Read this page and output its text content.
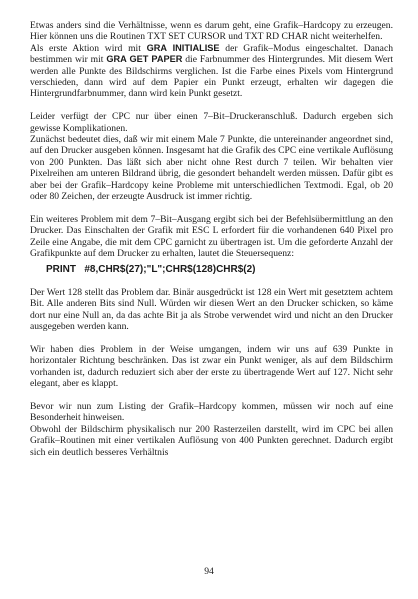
Etwas anders sind die Verhältnisse, wenn es darum geht, eine Grafik–Hardcopy zu erzeugen. Hier können uns die Routinen TXT SET CURSOR und TXT RD CHAR nicht weiterhelfen.

Als erste Aktion wird mit GRA INITIALISE der Grafik–Modus eingeschaltet. Danach bestimmen wir mit GRA GET PAPER die Farbnummer des Hintergrundes. Mit diesem Wert werden alle Punkte des Bildschirms verglichen. Ist die Farbe eines Pixels vom Hintergrund verschieden, dann wird auf dem Papier ein Punkt erzeugt, erhalten wir dagegen die Hintergrundfarbnummer, dann wird kein Punkt gesetzt.

Leider verfügt der CPC nur über einen 7–Bit–Druckeranschluß. Dadurch ergeben sich gewisse Komplikationen.

Zunächst bedeutet dies, daß wir mit einem Male 7 Punkte, die untereinander angeordnet sind, auf den Drucker ausgeben können. Insgesamt hat die Grafik des CPC eine vertikale Auflösung von 200 Punkten. Das läßt sich aber nicht ohne Rest durch 7 teilen. Wir behalten vier Pixelreihen am unteren Bildrand übrig, die gesondert behandelt werden müssen. Dafür gibt es aber bei der Grafik–Hardcopy keine Probleme mit unterschiedlichen Textmodi. Egal, ob 20 oder 80 Zeichen, der erzeugte Ausdruck ist immer richtig.

Ein weiteres Problem mit dem 7–Bit–Ausgang ergibt sich bei der Befehlsübermittlung an den Drucker. Das Einschalten der Grafik mit ESC L erfordert für die vorhandenen 640 Pixel pro Zeile eine Angabe, die mit dem CPC garnicht zu übertragen ist. Um die geforderte Anzahl der Grafikpunkte auf dem Drucker zu erhalten, lautet die Steuersequenz:

PRINT   #8,CHR$(27);"L";CHR$(128)CHR$(2)

Der Wert 128 stellt das Problem dar. Binär ausgedrückt ist 128 ein Wert mit gesetztem achtem Bit. Alle anderen Bits sind Null. Würden wir diesen Wert an den Drucker schicken, so käme dort nur eine Null an, da das achte Bit ja als Strobe verwendet wird und nicht an den Drucker ausgegeben werden kann.

Wir haben dies Problem in der Weise umgangen, indem wir uns auf 639 Punkte in horizontaler Richtung beschränken. Das ist zwar ein Punkt weniger, als auf dem Bildschirm vorhanden ist, dadurch reduziert sich aber der erste zu übertragende Wert auf 127. Nicht sehr elegant, aber es klappt.

Bevor wir nun zum Listing der Grafik–Hardcopy kommen, müssen wir noch auf eine Besonderheit hinweisen.

Obwohl der Bildschirm physikalisch nur 200 Rasterzeilen darstellt, wird im CPC bei allen Grafik–Routinen mit einer vertikalen Auflösung von 400 Punkten gerechnet. Dadurch ergibt sich ein deutlich besseres Verhältnis

94
